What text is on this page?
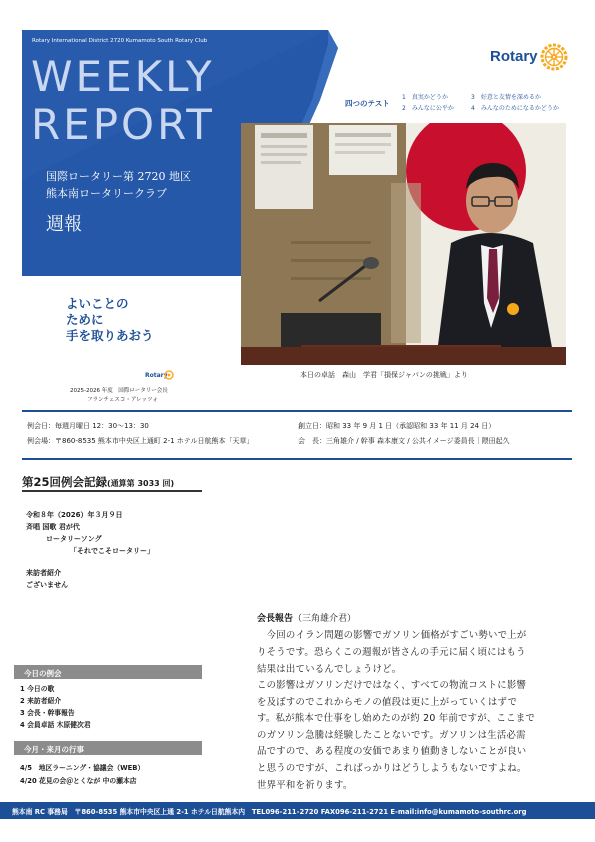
Rotary International District 2720 Kumamoto South Rotary Club
WEEKLY
REPORT
国際ロータリー第 2720 地区
熊本南ロータリークラブ
週報
Rotary
四つのテスト
1　真実かどうか
2　みんなに公平か
3　好意と友情を深めるか
4　みんなのためになるかどうか
本日の卓話　森山　学君「損保ジャパンの挑戦」より
よいことの
ために
手を取りあおう
Rotary
2025-2026 年度　国際ロータリー会長
フランチェスコ・アレッツォ
例会日：毎週月曜日 12：30〜13：30
例会場：〒860-8535 熊本市中央区上通町 2-1 ホテル日航熊本「天草」
創立日：昭和 33 年 9 月 1 日（承認昭和 33 年 11 月 24 日）
会　長：三角雄介 / 幹事 森本康文 / 公共イメージ委員長｜隈田起久
第25回例会記録(通算第 3033 回)
令和８年（2026）年３月９日
斉唱 国歌 君が代
ロータリーソング
「それでこそロータリー」
来訪者紹介
ございません
今日の例会
1 今日の歌
2 来訪者紹介
3 会長・幹事報告
4 会員卓話 木原健次君
今月・来月の行事
4/5　地区ラーニング・協議会（WEB）
4/20 花見の会＠とくなが 中の瀬本店
会長報告（三角雄介君）
　今回のイラン問題の影響でガソリン価格がすごい勢いで上が
りそうです。恐らくこの週報が皆さんの手元に届く頃にはもう
結果は出ているんでしょうけど。
この影響はガソリンだけではなく、すべての物流コストに影響
を及ぼすのでこれからモノの値段は更に上がっていくはずで
す。私が熊本で仕事をし始めたのが約 20 年前ですが、ここまで
のガソリン急騰は経験したことないです。ガソリンは生活必需
品ですので、ある程度の安価であまり値動きしないことが良い
と思うのですが、こればっかりはどうしようもないですよね。
世界平和を祈ります。
熊本南 RC 事務局　〒860-8535 熊本市中央区上通 2-1 ホテル日航熊本内　TEL096-211-2720 FAX096-211-2721 E-mail:info@kumamoto-southrc.org
